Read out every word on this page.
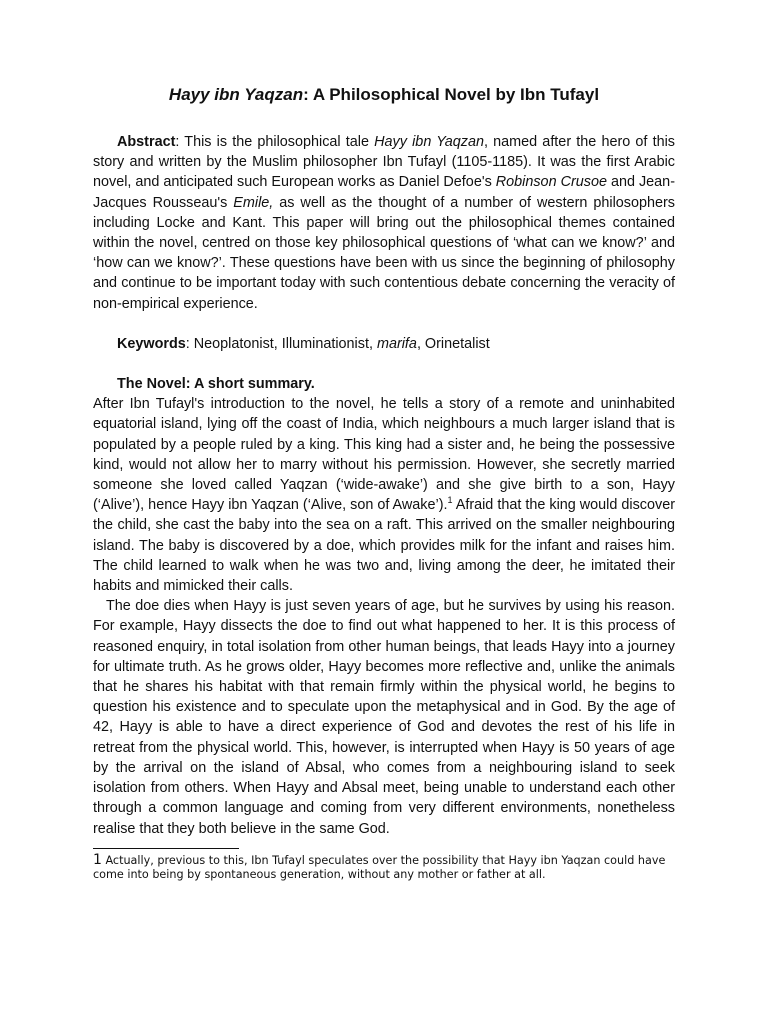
Hayy ibn Yaqzan: A Philosophical Novel by Ibn Tufayl

Abstract: This is the philosophical tale Hayy ibn Yaqzan, named after the hero of this story and written by the Muslim philosopher Ibn Tufayl (1105-1185). It was the first Arabic novel, and anticipated such European works as Daniel Defoe's Robinson Crusoe and Jean-Jacques Rousseau's Emile, as well as the thought of a number of western philosophers including Locke and Kant. This paper will bring out the philosophical themes contained within the novel, centred on those key philosophical questions of ‘what can we know?’ and ‘how can we know?’. These questions have been with us since the beginning of philosophy and continue to be important today with such contentious debate concerning the veracity of non-empirical experience.

Keywords: Neoplatonist, Illuminationist, marifa, Orinetalist

The Novel: A short summary.

After Ibn Tufayl's introduction to the novel, he tells a story of a remote and uninhabited equatorial island, lying off the coast of India, which neighbours a much larger island that is populated by a people ruled by a king. This king had a sister and, he being the possessive kind, would not allow her to marry without his permission. However, she secretly married someone she loved called Yaqzan (‘wide-awake’) and she give birth to a son, Hayy (‘Alive’), hence Hayy ibn Yaqzan (‘Alive, son of Awake’).$^1$ Afraid that the king would discover the child, she cast the baby into the sea on a raft. This arrived on the smaller neighbouring island. The baby is discovered by a doe, which provides milk for the infant and raises him. The child learned to walk when he was two and, living among the deer, he imitated their habits and mimicked their calls.

The doe dies when Hayy is just seven years of age, but he survives by using his reason. For example, Hayy dissects the doe to find out what happened to her. It is this process of reasoned enquiry, in total isolation from other human beings, that leads Hayy into a journey for ultimate truth. As he grows older, Hayy becomes more reflective and, unlike the animals that he shares his habitat with that remain firmly within the physical world, he begins to question his existence and to speculate upon the metaphysical and in God. By the age of 42, Hayy is able to have a direct experience of God and devotes the rest of his life in retreat from the physical world. This, however, is interrupted when Hayy is 50 years of age by the arrival on the island of Absal, who comes from a neighbouring island to seek isolation from others. When Hayy and Absal meet, being unable to understand each other through a common language and coming from very different environments, nonetheless realise that they both believe in the same God.

1 Actually, previous to this, Ibn Tufayl speculates over the possibility that Hayy ibn Yaqzan could have come into being by spontaneous generation, without any mother or father at all.
